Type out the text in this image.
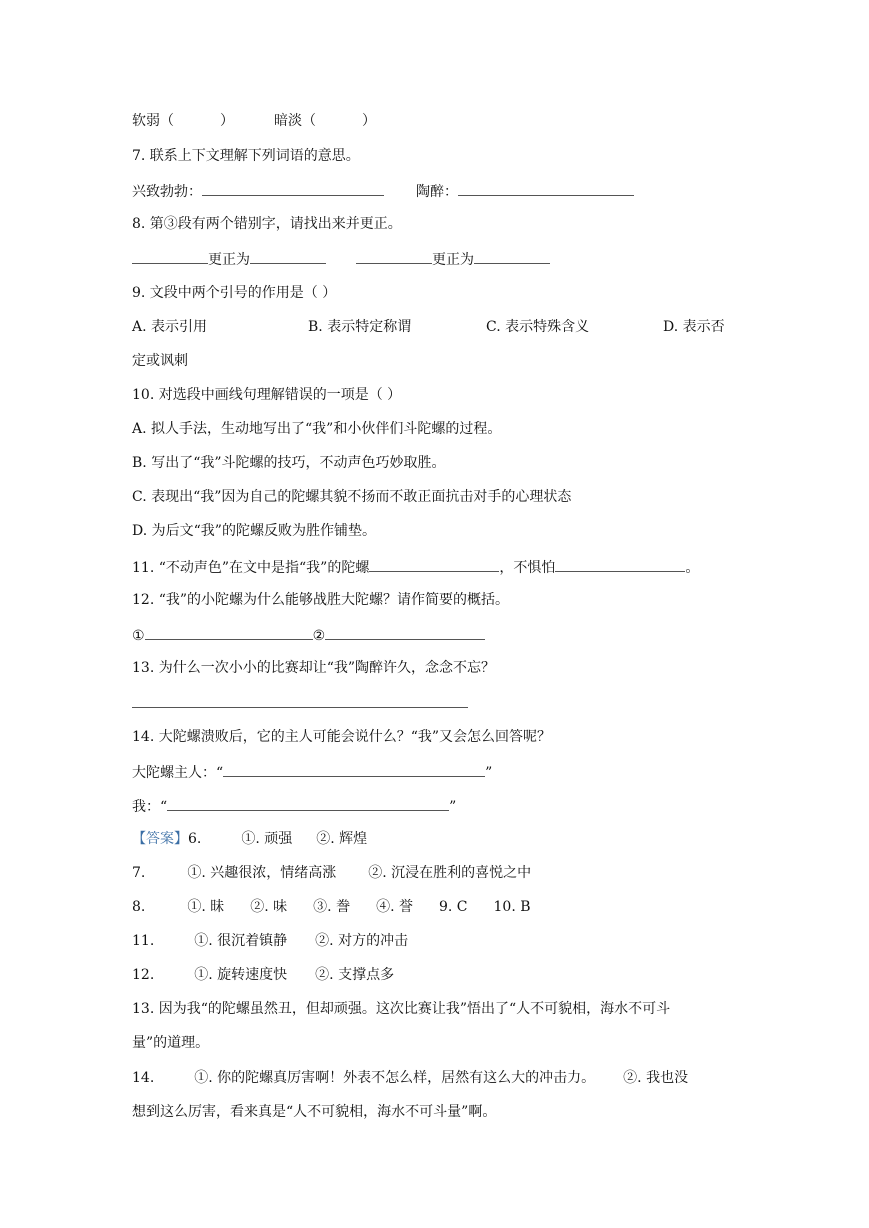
软弱（	）	暗淡（	）
7. 联系上下文理解下列词语的意思。
兴致勃勃：	陶醉：
8. 第③段有两个错别字，请找出来并更正。
更正为	更正为
9. 文段中两个引号的作用是（ ）
A. 表示引用	B. 表示特定称谓	C. 表示特殊含义	D. 表示否
定或讽刺
10. 对选段中画线句理解错误的一项是（ ）
A. 拟人手法，生动地写出了“我”和小伙伴们斗陀螺的过程。
B. 写出了“我”斗陀螺的技巧，不动声色巧妙取胜。
C. 表现出“我”因为自己的陀螺其貌不扬而不敢正面抗击对手的心理状态
D. 为后文“我”的陀螺反败为胜作铺垫。
11. “不动声色”在文中是指“我”的陀螺	，不惧怕	。
12. “我”的小陀螺为什么能够战胜大陀螺？请作简要的概括。
①	②
13. 为什么一次小小的比赛却让“我”陶醉许久，念念不忘？
14. 大陀螺溃败后，它的主人可能会说什么？“我”又会怎么回答呢？
大陀螺主人：“	”
我：“	”
【答案】6.	①. 顽强 ②. 辉煌
7.	①. 兴趣很浓，情绪高涨 ②. 沉浸在胜利的喜悦之中
8.	①. 昧 ②. 味 ③. 誊 ④. 誉 9. C 10. B
11.	①. 很沉着镇静 ②. 对方的冲击
12.	①. 旋转速度快 ②. 支撑点多
13. 因为我“的陀螺虽然丑，但却顽强。这次比赛让我”悟出了“人不可貌相，海水不可斗
量”的道理。
14.	①. 你的陀螺真厉害啊！外表不怎么样，居然有这么大的冲击力。 ②. 我也没
想到这么厉害，看来真是“人不可貌相，海水不可斗量”啊。
